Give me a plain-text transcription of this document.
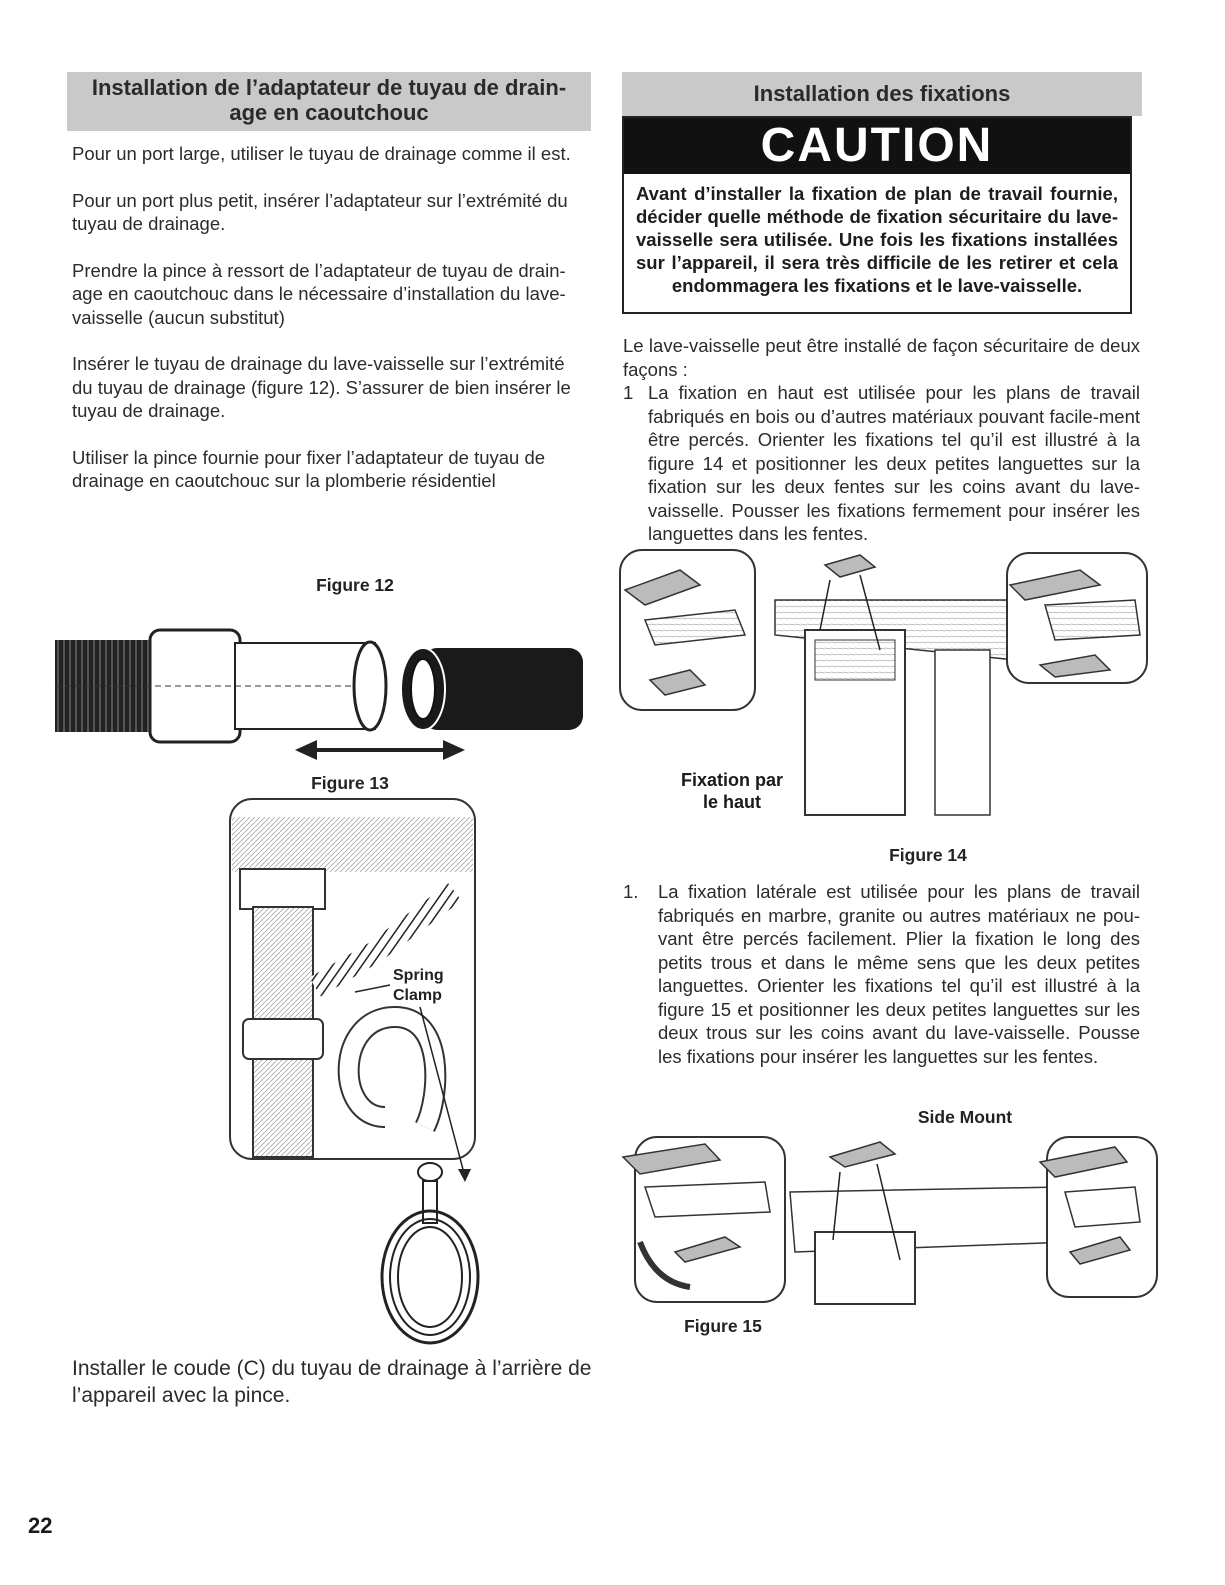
Installation de l’adaptateur de tuyau de drain-
age en caoutchouc

Pour un port large, utiliser le tuyau de drainage comme il est.

Pour un port plus petit, insérer l’adaptateur sur l’extrémité du tuyau de drainage.

Prendre la pince à ressort de l’adaptateur de tuyau de drain-age en caoutchouc dans le nécessaire d’installation du lave-vaisselle (aucun substitut)

Insérer le tuyau de drainage du lave-vaisselle sur l’extrémité du tuyau de drainage (figure 12). S’assurer de bien insérer le tuyau de drainage.

Utiliser la pince fournie pour fixer l’adaptateur de tuyau de drainage en caoutchouc sur la plomberie résidentiel

Figure 12
Figure 13
Spring
Clamp
Installer le coude (C) du tuyau de drainage à l’arrière de l’appareil avec la pince.
Installation des fixations
CAUTION
Avant d’installer la fixation de plan de travail fournie, décider quelle méthode de fixation sécuritaire du lave-vaisselle sera utilisée. Une fois les fixations installées sur l’appareil, il sera très difficile de les retirer et cela endommagera les fixations et le lave-vaisselle.
Le lave-vaisselle peut être installé de façon sécuritaire de deux façons :
1 La fixation en haut est utilisée pour les plans de travail fabriqués en bois ou d’autres matériaux pouvant facile-ment être percés. Orienter les fixations tel qu’il est illustré à la figure 14 et positionner les deux petites languettes sur la fixation sur les deux fentes sur les coins avant du lave-vaisselle. Pousser les fixations fermement pour insérer les languettes dans les fentes.
Fixation par
le haut
Figure 14
1. La fixation latérale est utilisée pour les plans de travail fabriqués en marbre, granite ou autres matériaux ne pou-vant être percés facilement. Plier la fixation le long des petits trous et dans le même sens que les deux petites languettes. Orienter les fixations tel qu’il est illustré à la figure 15 et positionner les deux petites languettes sur les deux trous sur les coins avant du lave-vaisselle. Pousse les fixations pour insérer les languettes sur les fentes.
Side Mount
Figure 15
22
